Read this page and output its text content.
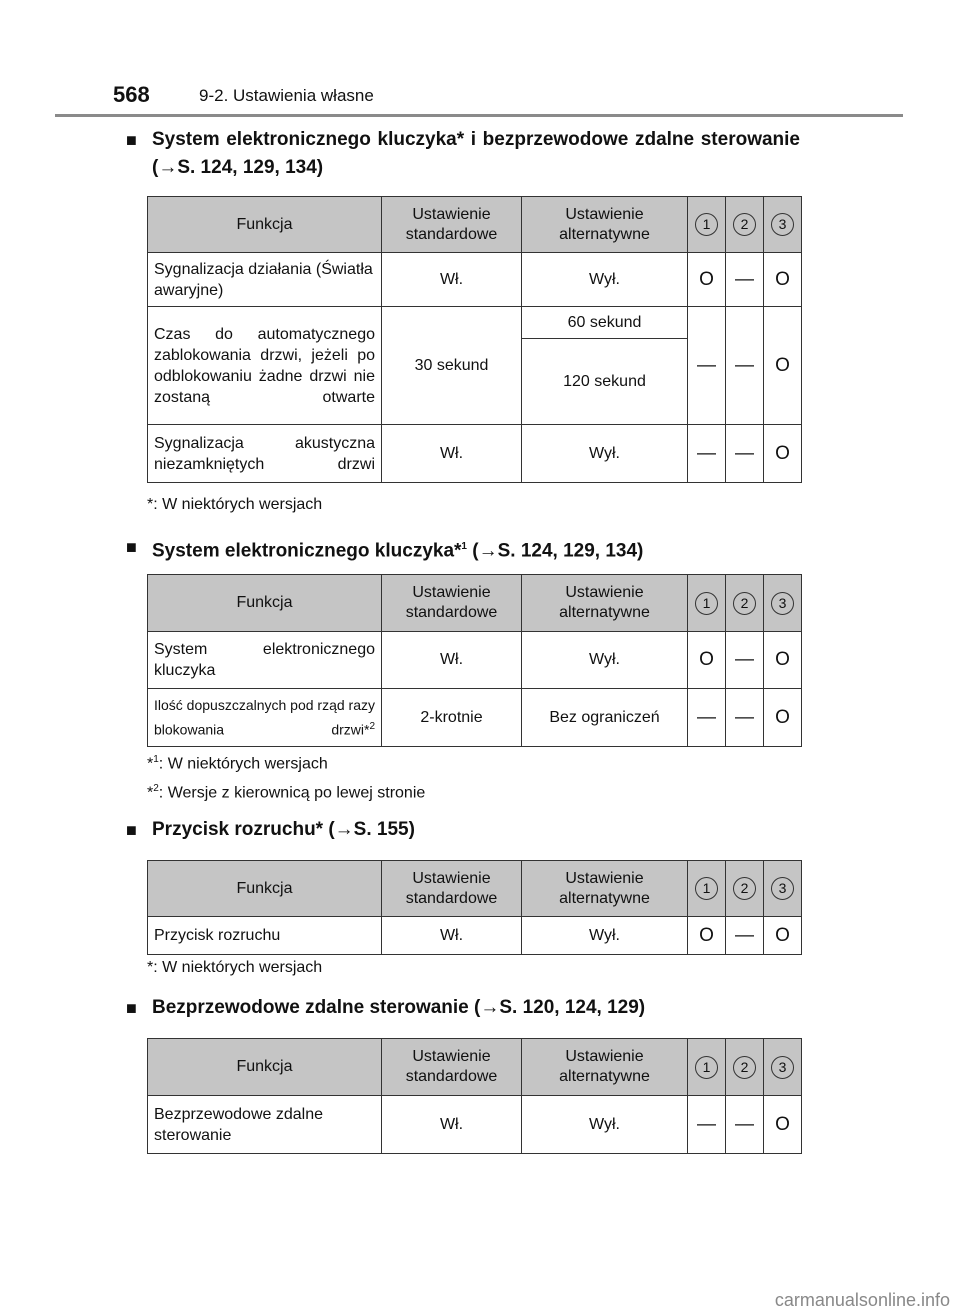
568	9-2. Ustawienia własne
■ System elektronicznego kluczyka* i bezprzewodowe zdalne sterowanie (→S. 124, 129, 134)
Funkcja	Ustawienie standardowe	Ustawienie alternatywne	1	2	3
Sygnalizacja działania (Światła awaryjne)	Wł.	Wył.	O	—	O
Czas do automatycznego zablokowania drzwi, jeżeli po odblokowaniu żadne drzwi nie zostaną otwarte	30 sekund	60 sekund	—	—	O
		120 sekund			
Sygnalizacja akustyczna niezamkniętych drzwi	Wł.	Wył.	—	—	O
*: W niektórych wersjach
■ System elektronicznego kluczyka*$^1$ (→S. 124, 129, 134)
Funkcja	Ustawienie standardowe	Ustawienie alternatywne	1	2	3
System elektronicznego kluczyka	Wł.	Wył.	O	—	O
Ilość dopuszczalnych pod rząd razy blokowania drzwi*$^2$	2-krotnie	Bez ograniczeń	—	—	O
*$^1$: W niektórych wersjach
*$^2$: Wersje z kierownicą po lewej stronie
■ Przycisk rozruchu* (→S. 155)
Funkcja	Ustawienie standardowe	Ustawienie alternatywne	1	2	3
Przycisk rozruchu	Wł.	Wył.	O	—	O
*: W niektórych wersjach
■ Bezprzewodowe zdalne sterowanie (→S. 120, 124, 129)
Funkcja	Ustawienie standardowe	Ustawienie alternatywne	1	2	3
Bezprzewodowe zdalne sterowanie	Wł.	Wył.	—	—	O
carmanualsonline.info
